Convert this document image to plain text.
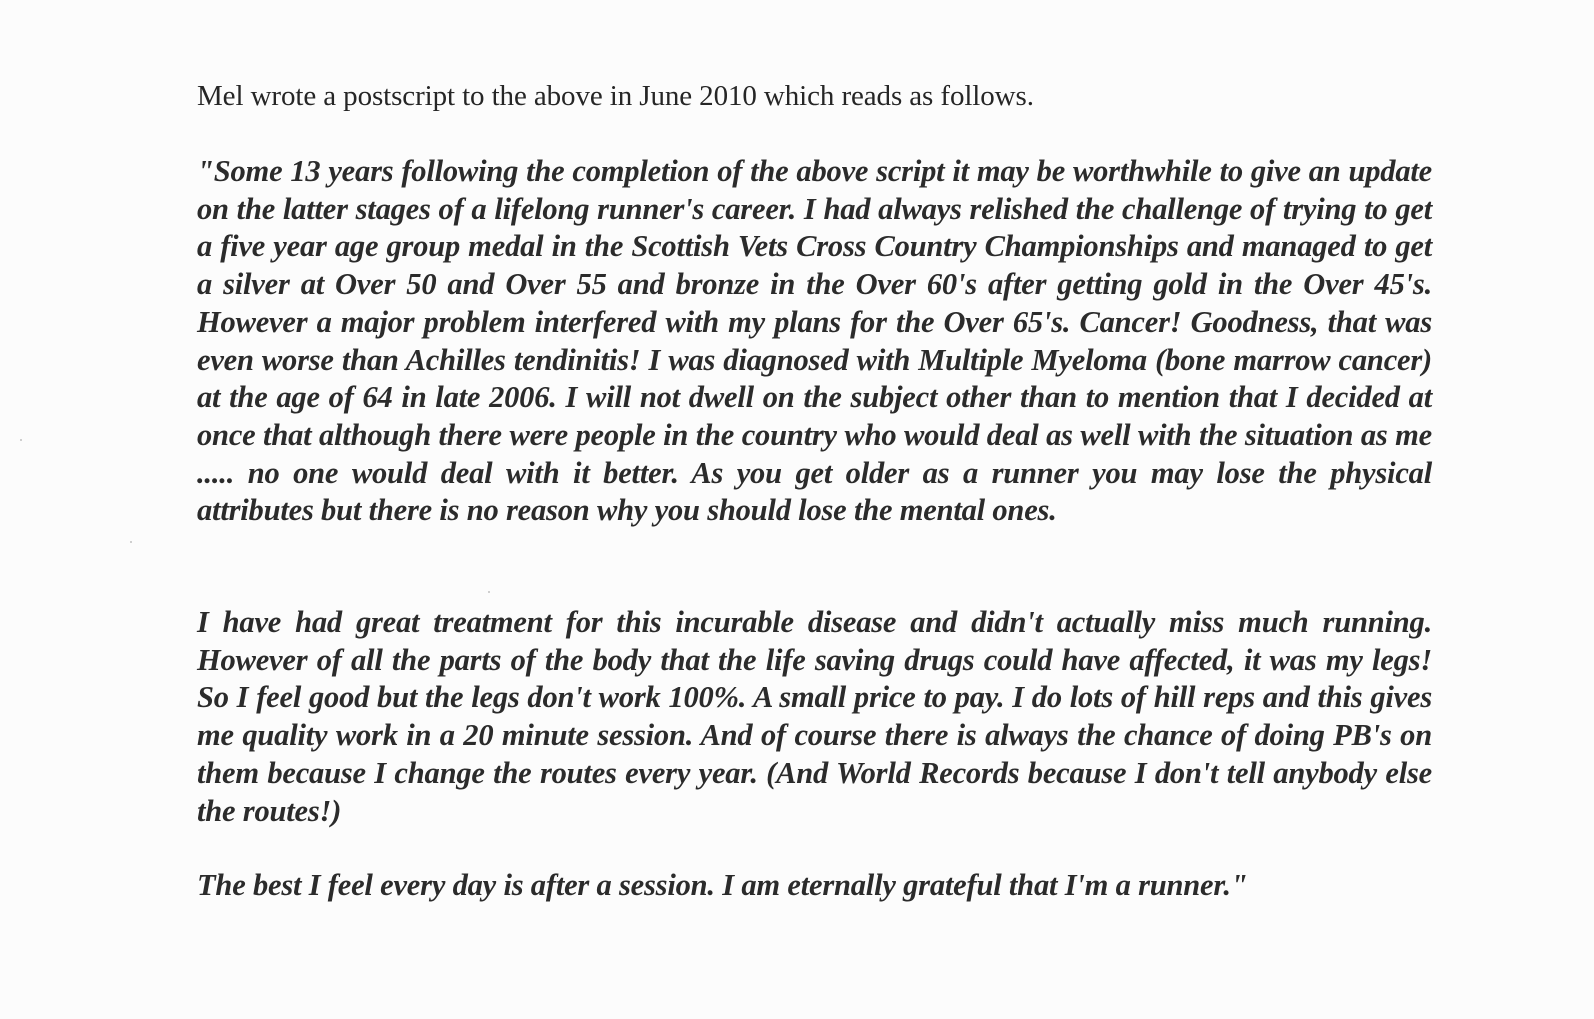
Mel wrote a postscript to the above in June 2010 which reads as follows.
"Some 13 years following the completion of the above script it may be worthwhile to give an update on the latter stages of a lifelong runner's career. I had always relished the challenge of trying to get a five year age group medal in the Scottish Vets Cross Country Championships and managed to get a silver at Over 50 and Over 55 and bronze in the Over 60's after getting gold in the Over 45's. However a major problem interfered with my plans for the Over 65's. Cancer! Goodness, that was even worse than Achilles tendinitis! I was diagnosed with Multiple Myeloma (bone marrow cancer) at the age of 64 in late 2006. I will not dwell on the subject other than to mention that I decided at once that although there were people in the country who would deal as well with the situation as me ..... no one would deal with it better. As you get older as a runner you may lose the physical attributes but there is no reason why you should lose the mental ones.
I have had great treatment for this incurable disease and didn't actually miss much running. However of all the parts of the body that the life saving drugs could have affected, it was my legs! So I feel good but the legs don't work 100%. A small price to pay. I do lots of hill reps and this gives me quality work in a 20 minute session. And of course there is always the chance of doing PB's on them because I change the routes every year. (And World Records because I don't tell anybody else the routes!)
The best I feel every day is after a session. I am eternally grateful that I'm a runner."
